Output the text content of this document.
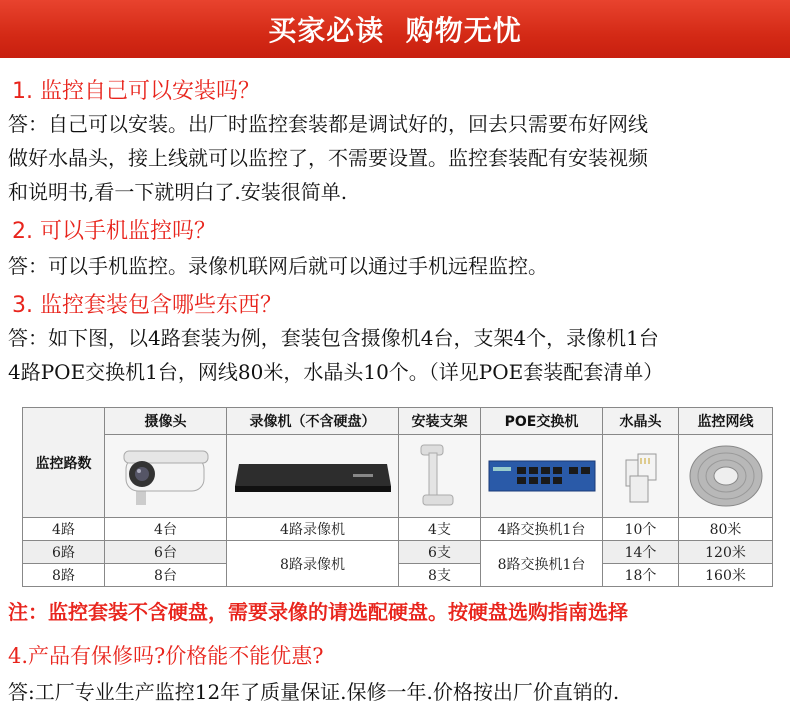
买家必读  购物无忧
1. 监控自己可以安装吗？
答：自己可以安装。出厂时监控套装都是调试好的，回去只需要布好网线
做好水晶头，接上线就可以监控了，不需要设置。监控套装配有安装视频
和说明书,看一下就明白了.安装很简单.
2. 可以手机监控吗？
答：可以手机监控。录像机联网后就可以通过手机远程监控。
3. 监控套装包含哪些东西？
答：如下图，以4路套装为例，套装包含摄像机4台，支架4个，录像机1台
4路POE交换机1台，网线80米，水晶头10个。（详见POE套装配套清单）
监控路数	摄像头	录像机（不含硬盘）	安装支架	POE交换机	水晶头	监控网线

4路	4台	4路录像机	4支	4路交换机1台	10个	80米
6路	6台	8路录像机	6支	8路交换机1台	14个	120米
8路	8台		8支		18个	160米
注：监控套装不含硬盘，需要录像的请选配硬盘。按硬盘选购指南选择
4.产品有保修吗?价格能不能优惠?
答:工厂专业生产监控12年了质量保证.保修一年.价格按出厂价直销的.
